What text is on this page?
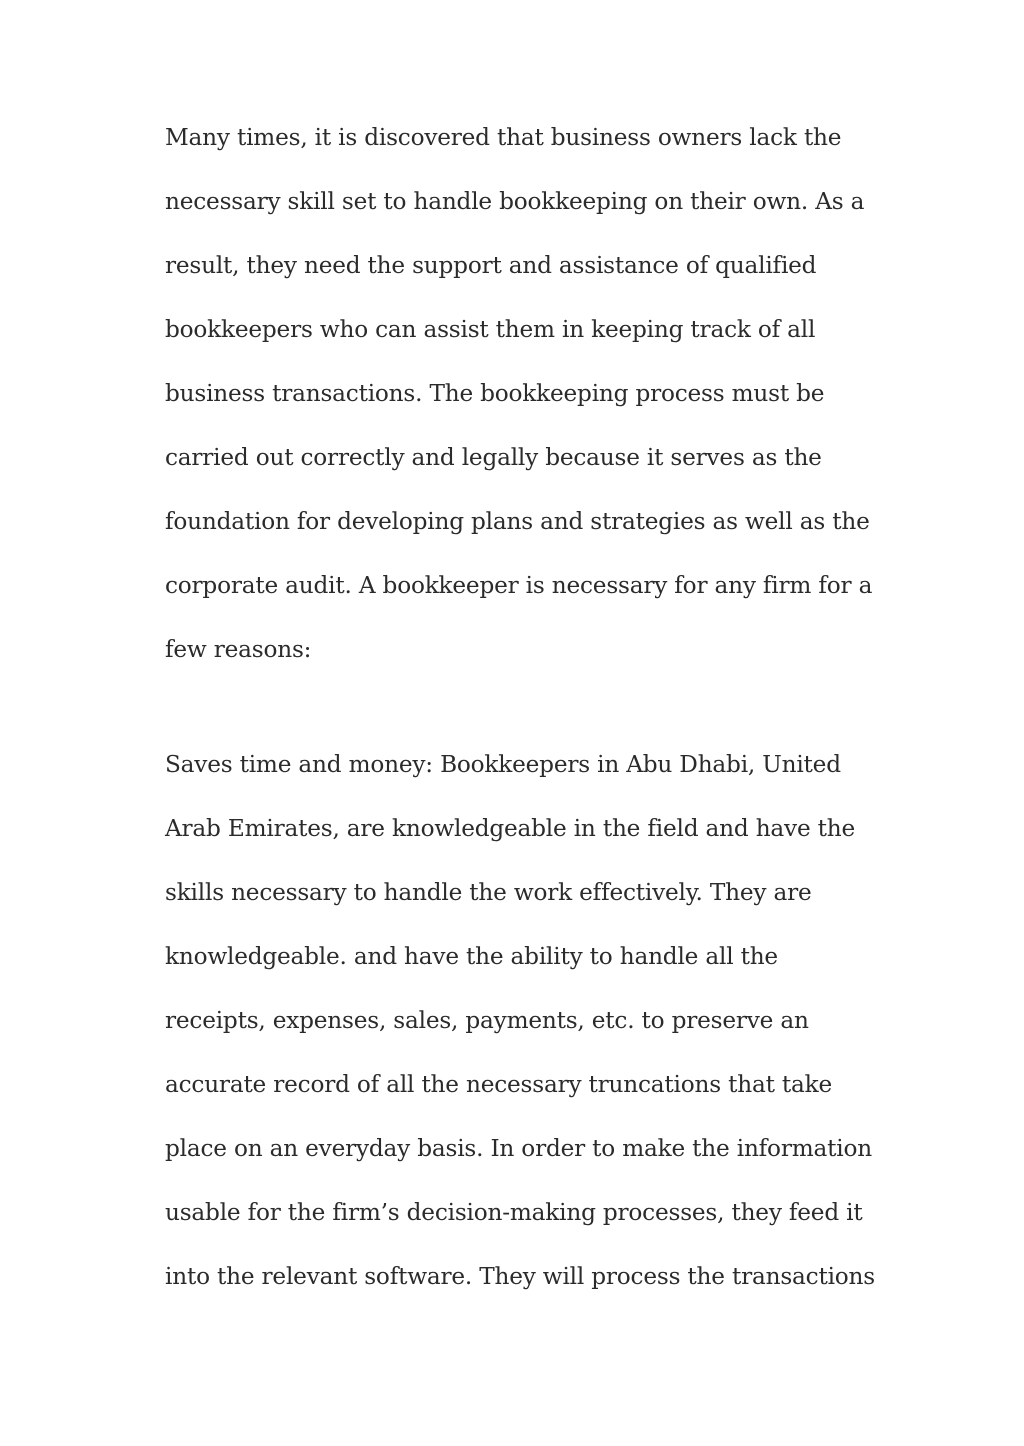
Many times, it is discovered that business owners lack the

necessary skill set to handle bookkeeping on their own. As a

result, they need the support and assistance of qualified

bookkeepers who can assist them in keeping track of all

business transactions. The bookkeeping process must be

carried out correctly and legally because it serves as the

foundation for developing plans and strategies as well as the

corporate audit. A bookkeeper is necessary for any firm for a

few reasons:

Saves time and money: Bookkeepers in Abu Dhabi, United

Arab Emirates, are knowledgeable in the field and have the

skills necessary to handle the work effectively. They are

knowledgeable. and have the ability to handle all the

receipts, expenses, sales, payments, etc. to preserve an

accurate record of all the necessary truncations that take

place on an everyday basis. In order to make the information

usable for the firm’s decision-making processes, they feed it

into the relevant software. They will process the transactions
